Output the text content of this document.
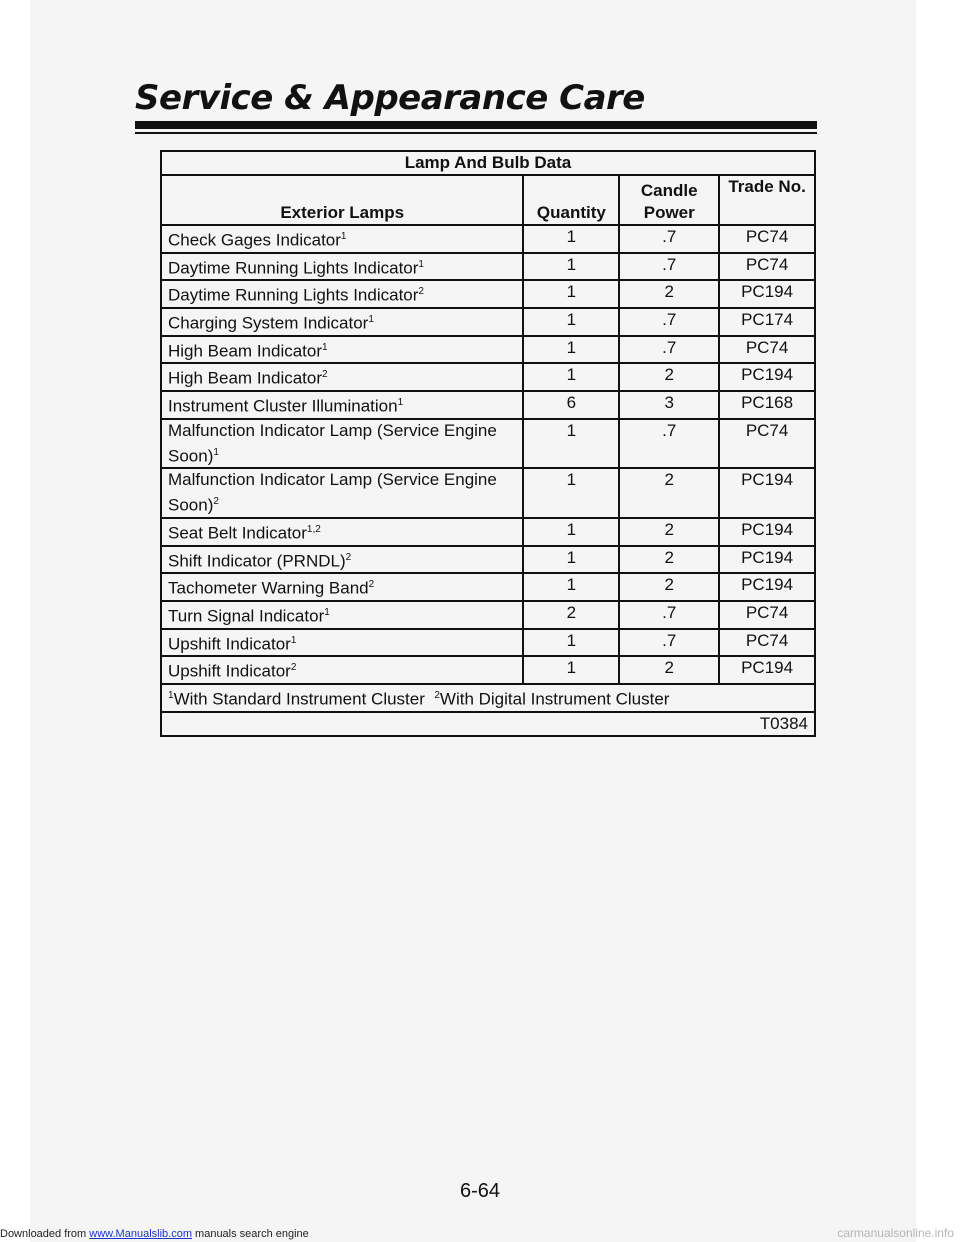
Service & Appearance Care
Lamp And Bulb Data			
Exterior Lamps	Quantity	Candle Power	Trade No.
Check Gages Indicator$^1$	1	.7	PC74
Daytime Running Lights Indicator$^1$	1	.7	PC74
Daytime Running Lights Indicator$^2$	1	2	PC194
Charging System Indicator$^1$	1	.7	PC174
High Beam Indicator$^1$	1	.7	PC74
High Beam Indicator$^2$	1	2	PC194
Instrument Cluster Illumination$^1$	6	3	PC168
Malfunction Indicator Lamp (Service Engine Soon)$^1$	1	.7	PC74
Malfunction Indicator Lamp (Service Engine Soon)$^2$	1	2	PC194
Seat Belt Indicator$^{1,2}$	1	2	PC194
Shift Indicator (PRNDL)$^2$	1	2	PC194
Tachometer Warning Band$^2$	1	2	PC194
Turn Signal Indicator$^1$	2	.7	PC74
Upshift Indicator$^1$	1	.7	PC74
Upshift Indicator$^2$	1	2	PC194
$^1$With Standard Instrument Cluster $^2$With Digital Instrument Cluster			
T0384			
6-64
Downloaded from www.Manualslib.com manuals search engine	carmanualsonline.info
